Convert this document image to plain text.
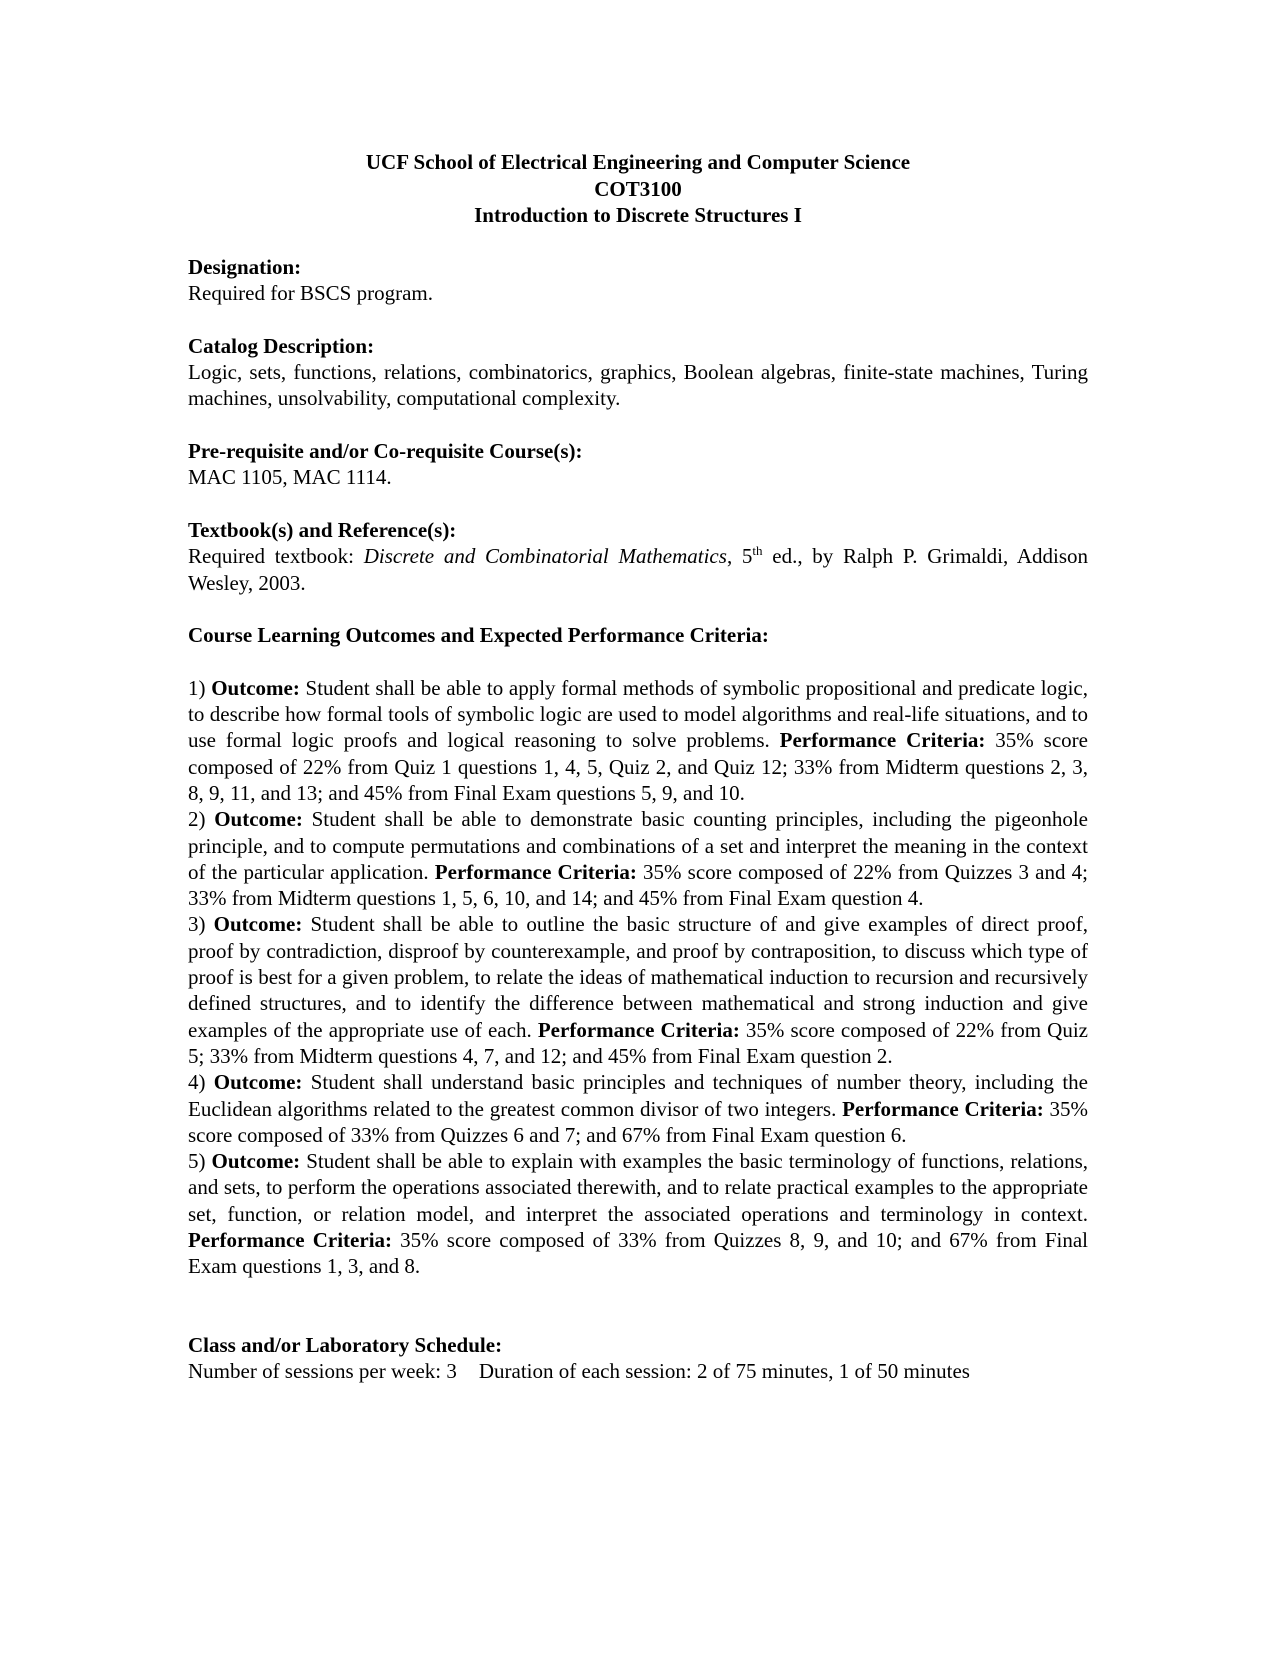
UCF School of Electrical Engineering and Computer Science
COT3100
Introduction to Discrete Structures I
Designation:

Required for BSCS program.

Catalog Description:

Logic, sets, functions, relations, combinatorics, graphics, Boolean algebras, finite-state machines, Turing machines, unsolvability, computational complexity.

Pre-requisite and/or Co-requisite Course(s):

MAC 1105, MAC 1114.

Textbook(s) and Reference(s):

Required textbook: Discrete and Combinatorial Mathematics, 5th ed., by Ralph P. Grimaldi, Addison Wesley, 2003.

Course Learning Outcomes and Expected Performance Criteria:

1) Outcome: Student shall be able to apply formal methods of symbolic propositional and predicate logic, to describe how formal tools of symbolic logic are used to model algorithms and real-life situations, and to use formal logic proofs and logical reasoning to solve problems. Performance Criteria: 35% score composed of 22% from Quiz 1 questions 1, 4, 5, Quiz 2, and Quiz 12; 33% from Midterm questions 2, 3, 8, 9, 11, and 13; and 45% from Final Exam questions 5, 9, and 10.

2) Outcome: Student shall be able to demonstrate basic counting principles, including the pigeonhole principle, and to compute permutations and combinations of a set and interpret the meaning in the context of the particular application. Performance Criteria: 35% score composed of 22% from Quizzes 3 and 4; 33% from Midterm questions 1, 5, 6, 10, and 14; and 45% from Final Exam question 4.

3) Outcome: Student shall be able to outline the basic structure of and give examples of direct proof, proof by contradiction, disproof by counterexample, and proof by contraposition, to discuss which type of proof is best for a given problem, to relate the ideas of mathematical induction to recursion and recursively defined structures, and to identify the difference between mathematical and strong induction and give examples of the appropriate use of each. Performance Criteria: 35% score composed of 22% from Quiz 5; 33% from Midterm questions 4, 7, and 12; and 45% from Final Exam question 2.

4) Outcome: Student shall understand basic principles and techniques of number theory, including the Euclidean algorithms related to the greatest common divisor of two integers. Performance Criteria: 35% score composed of 33% from Quizzes 6 and 7; and 67% from Final Exam question 6.

5) Outcome: Student shall be able to explain with examples the basic terminology of functions, relations, and sets, to perform the operations associated therewith, and to relate practical examples to the appropriate set, function, or relation model, and interpret the associated operations and terminology in context. Performance Criteria: 35% score composed of 33% from Quizzes 8, 9, and 10; and 67% from Final Exam questions 1, 3, and 8.

Class and/or Laboratory Schedule:

Number of sessions per week: 3 Duration of each session: 2 of 75 minutes, 1 of 50 minutes
